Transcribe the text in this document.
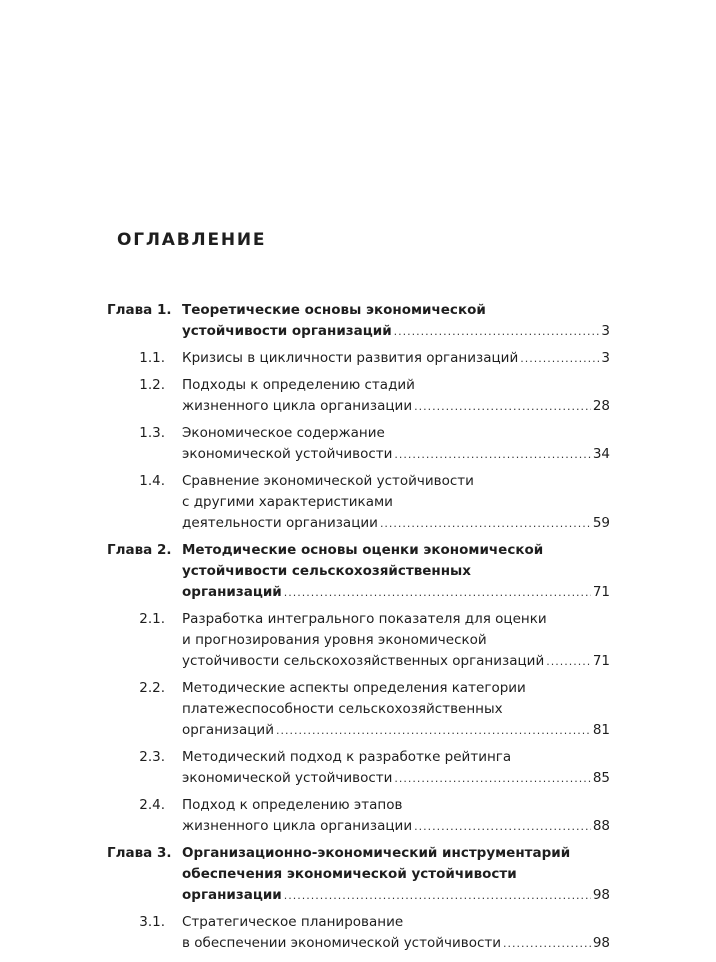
ОГЛАВЛЕНИЕ
Глава 1. Теоретические основы экономической
устойчивости организаций .....	3
1.1. Кризисы в цикличности развития организаций .....	3
1.2. Подходы к определению стадий
жизненного цикла организации .....	28
1.3. Экономическое содержание
экономической устойчивости .....	34
1.4. Сравнение экономической устойчивости
с другими характеристиками
деятельности организации .....	59
Глава 2. Методические основы оценки экономической
устойчивости сельскохозяйственных
организаций .....	71
2.1. Разработка интегрального показателя для оценки
и прогнозирования уровня экономической
устойчивости сельскохозяйственных организаций .....	71
2.2. Методические аспекты определения категории
платежеспособности сельскохозяйственных
организаций .....	81
2.3. Методический подход к разработке рейтинга
экономической устойчивости .....	85
2.4. Подход к определению этапов
жизненного цикла организации .....	88
Глава 3. Организационно-экономический инструментарий
обеспечения экономической устойчивости
организации .....	98
3.1. Стратегическое планирование
в обеспечении экономической устойчивости .....	98
